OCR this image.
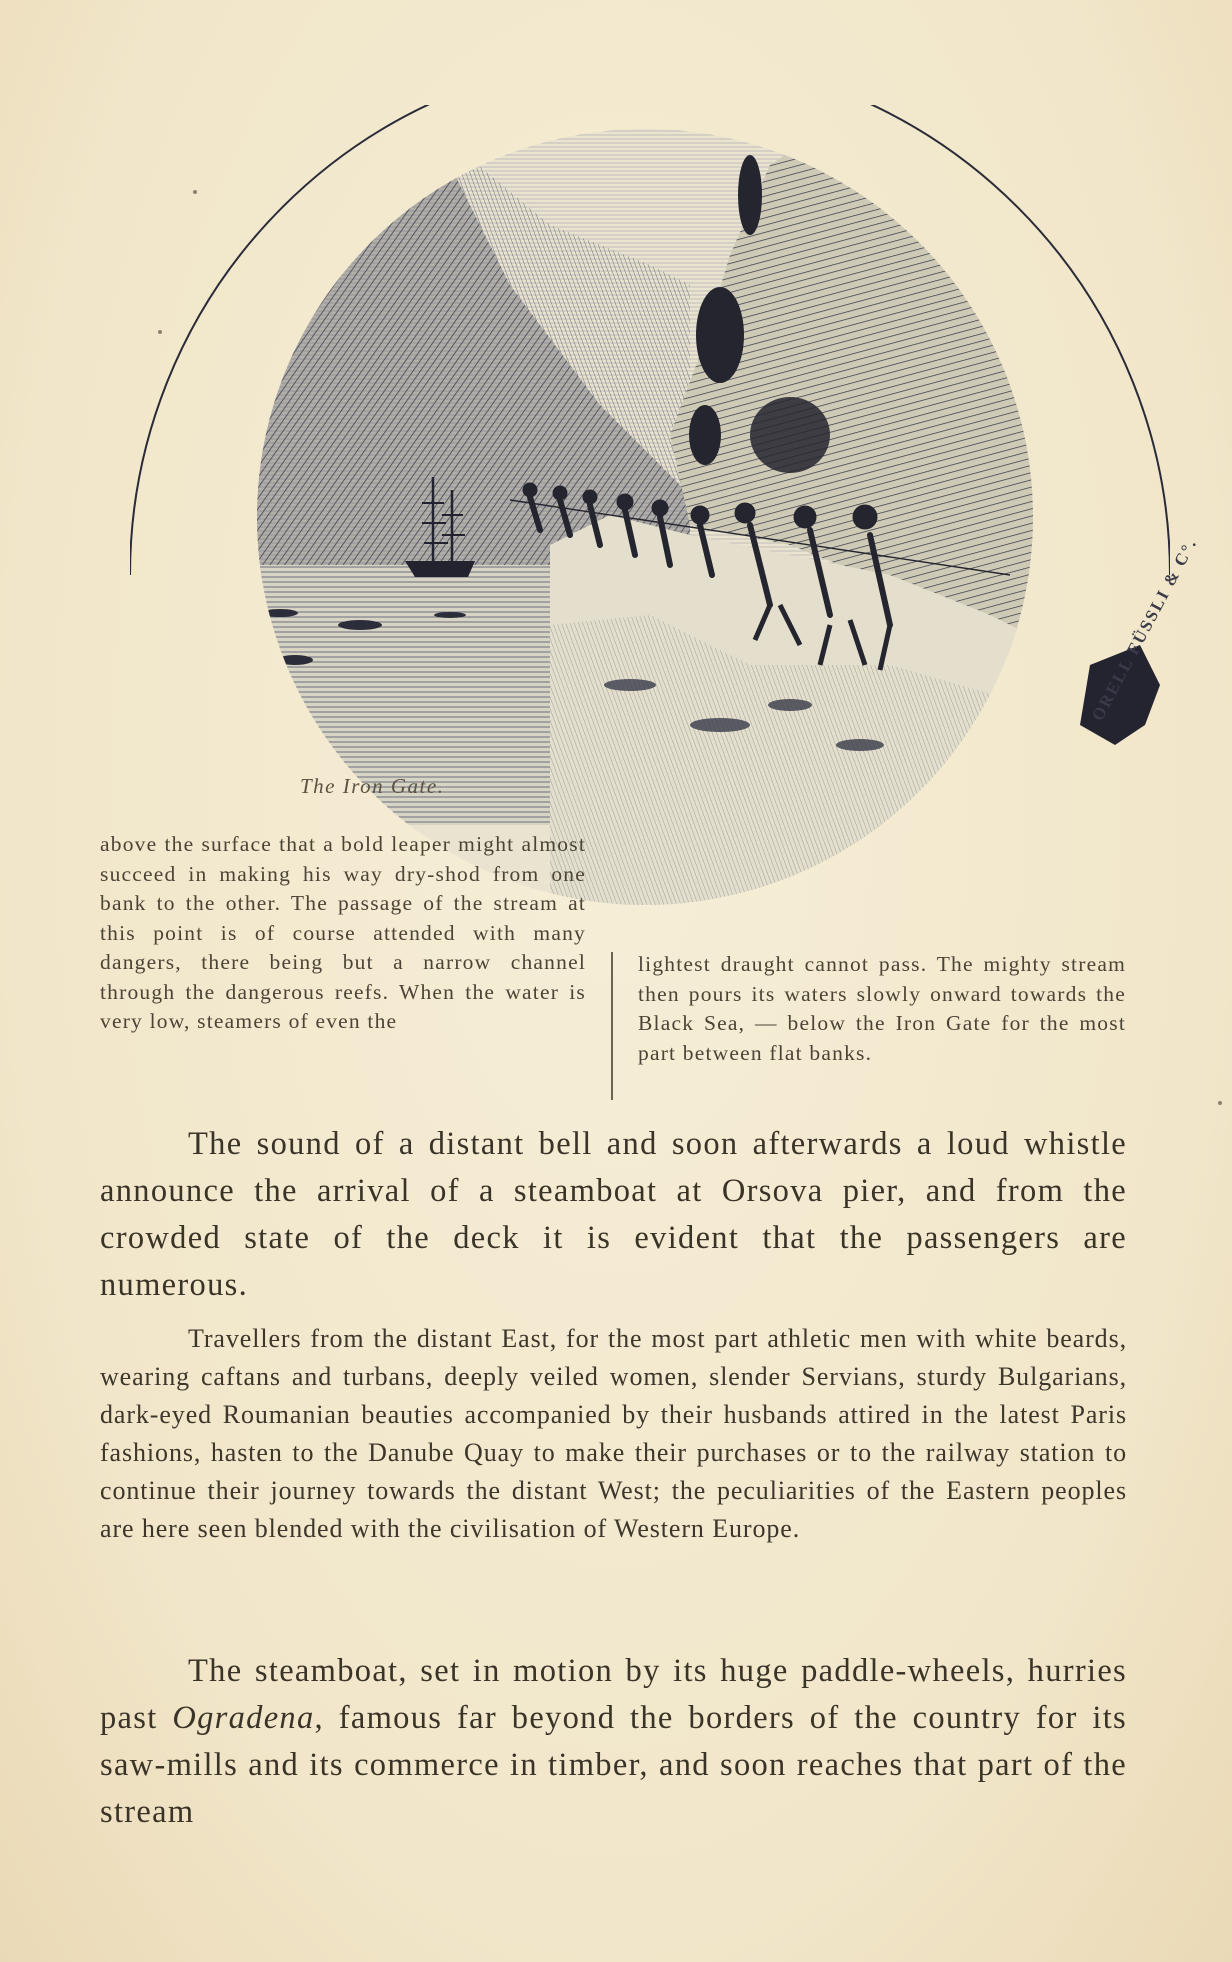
The Iron Gate.
ORELL FÜSSLI & C°.
above the surface that a bold leaper might almost succeed in making his way dry-shod from one bank to the other. The passage of the stream at this point is of course attended with many dangers, there being but a narrow channel through the dangerous reefs. When the water is very low, steamers of even the
lightest draught cannot pass. The mighty stream then pours its waters slowly onward towards the Black Sea, — below the Iron Gate for the most part between flat banks.
The sound of a distant bell and soon afterwards a loud whistle announce the arrival of a steamboat at Orsova pier, and from the crowded state of the deck it is evident that the passengers are numerous.
Travellers from the distant East, for the most part athletic men with white beards, wearing caftans and turbans, deeply veiled women, slender Servians, sturdy Bulgarians, dark-eyed Roumanian beauties accompanied by their husbands attired in the latest Paris fashions, hasten to the Danube Quay to make their purchases or to the railway station to continue their journey towards the distant West; the peculiarities of the Eastern peoples are here seen blended with the civilisation of Western Europe.
The steamboat, set in motion by its huge paddle-wheels, hurries past Ogradena, famous far beyond the borders of the country for its saw-mills and its commerce in timber, and soon reaches that part of the stream
